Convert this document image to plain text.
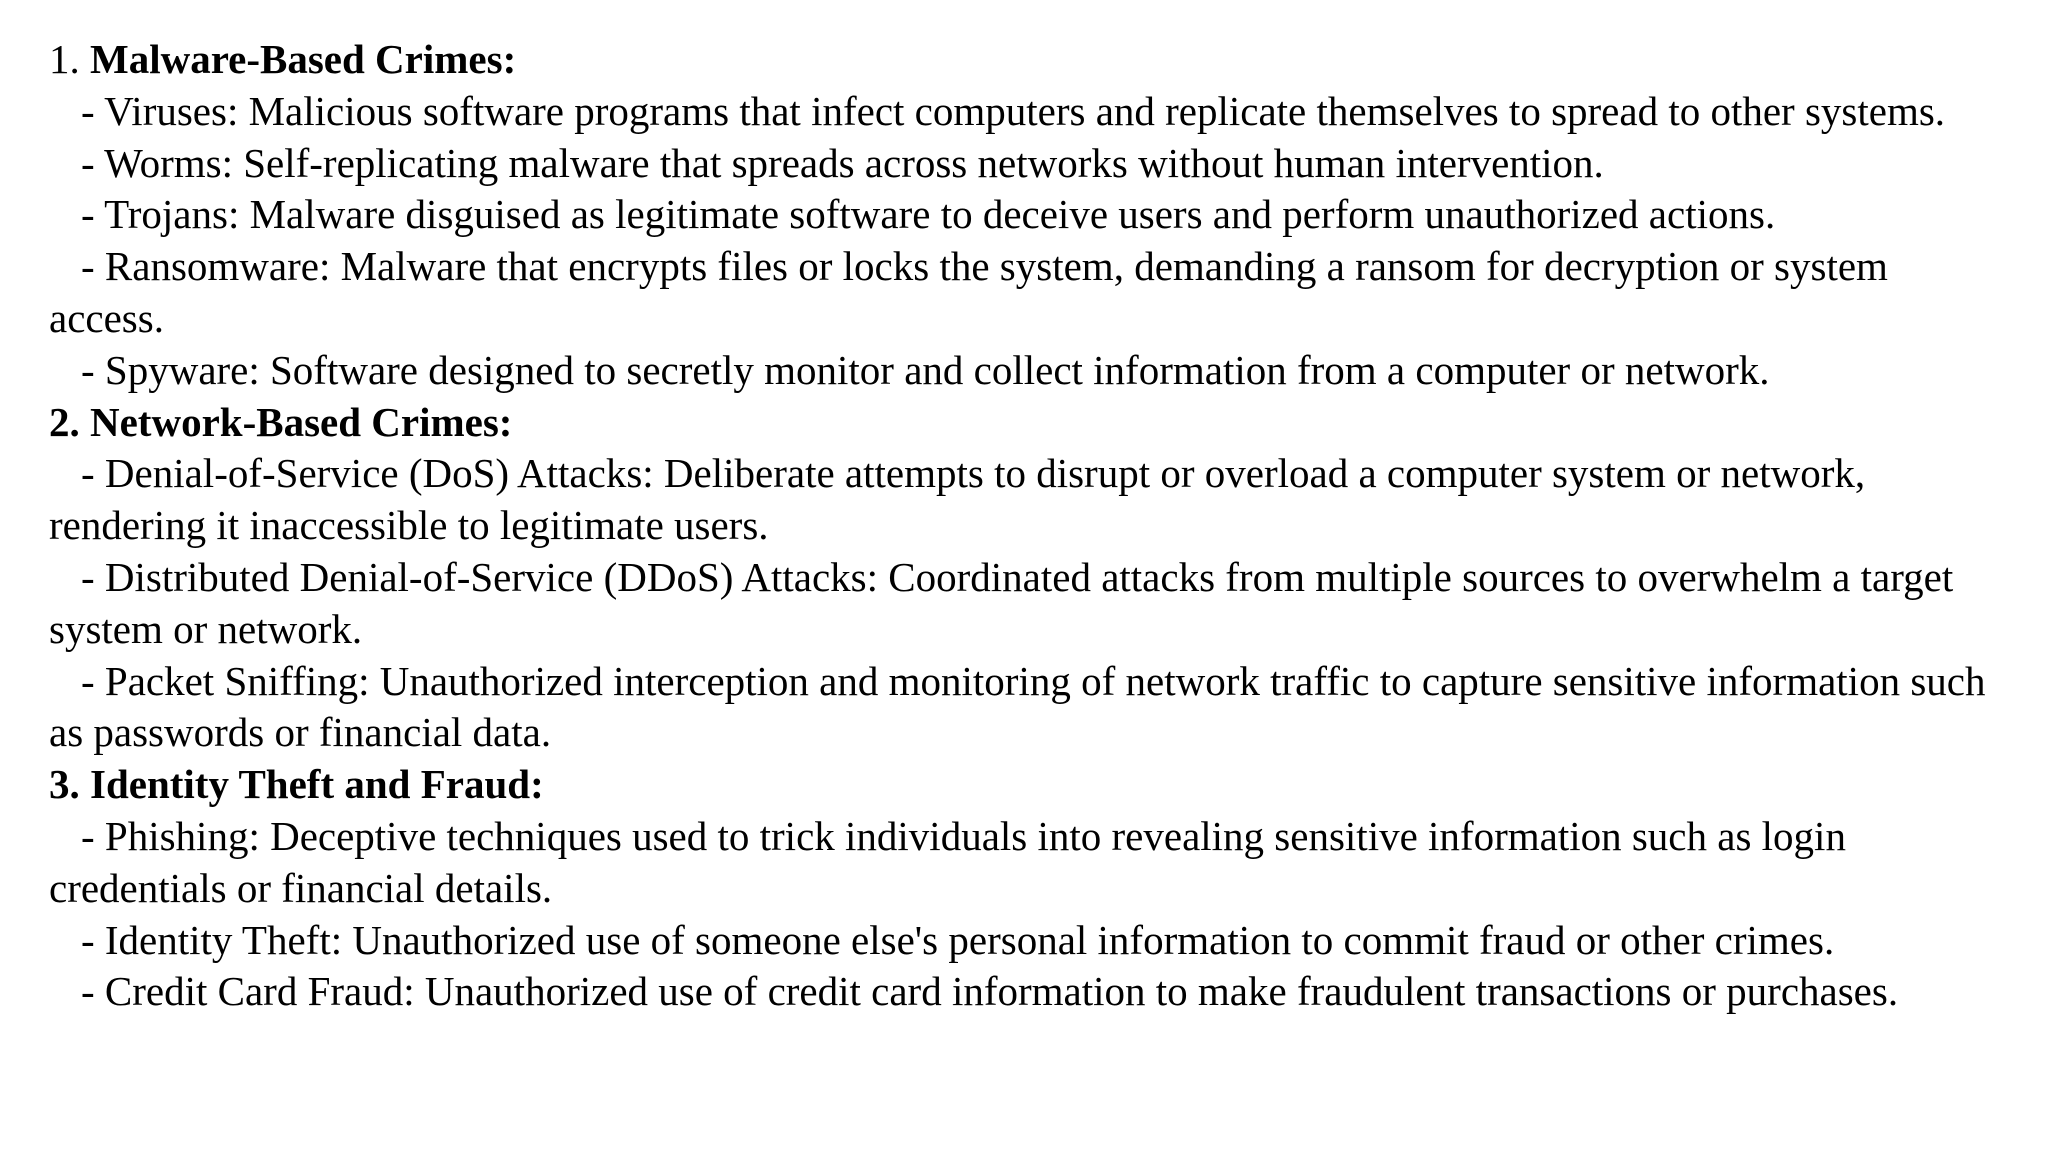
1. Malware-Based Crimes:

- Viruses: Malicious software programs that infect computers and replicate themselves to spread to other systems.

- Worms: Self-replicating malware that spreads across networks without human intervention.

- Trojans: Malware disguised as legitimate software to deceive users and perform unauthorized actions.

- Ransomware: Malware that encrypts files or locks the system, demanding a ransom for decryption or system access.

- Spyware: Software designed to secretly monitor and collect information from a computer or network.

2. Network-Based Crimes:

- Denial-of-Service (DoS) Attacks: Deliberate attempts to disrupt or overload a computer system or network, rendering it inaccessible to legitimate users.

- Distributed Denial-of-Service (DDoS) Attacks: Coordinated attacks from multiple sources to overwhelm a target system or network.

- Packet Sniffing: Unauthorized interception and monitoring of network traffic to capture sensitive information such as passwords or financial data.

3. Identity Theft and Fraud:

- Phishing: Deceptive techniques used to trick individuals into revealing sensitive information such as login credentials or financial details.

- Identity Theft: Unauthorized use of someone else's personal information to commit fraud or other crimes.

- Credit Card Fraud: Unauthorized use of credit card information to make fraudulent transactions or purchases.
